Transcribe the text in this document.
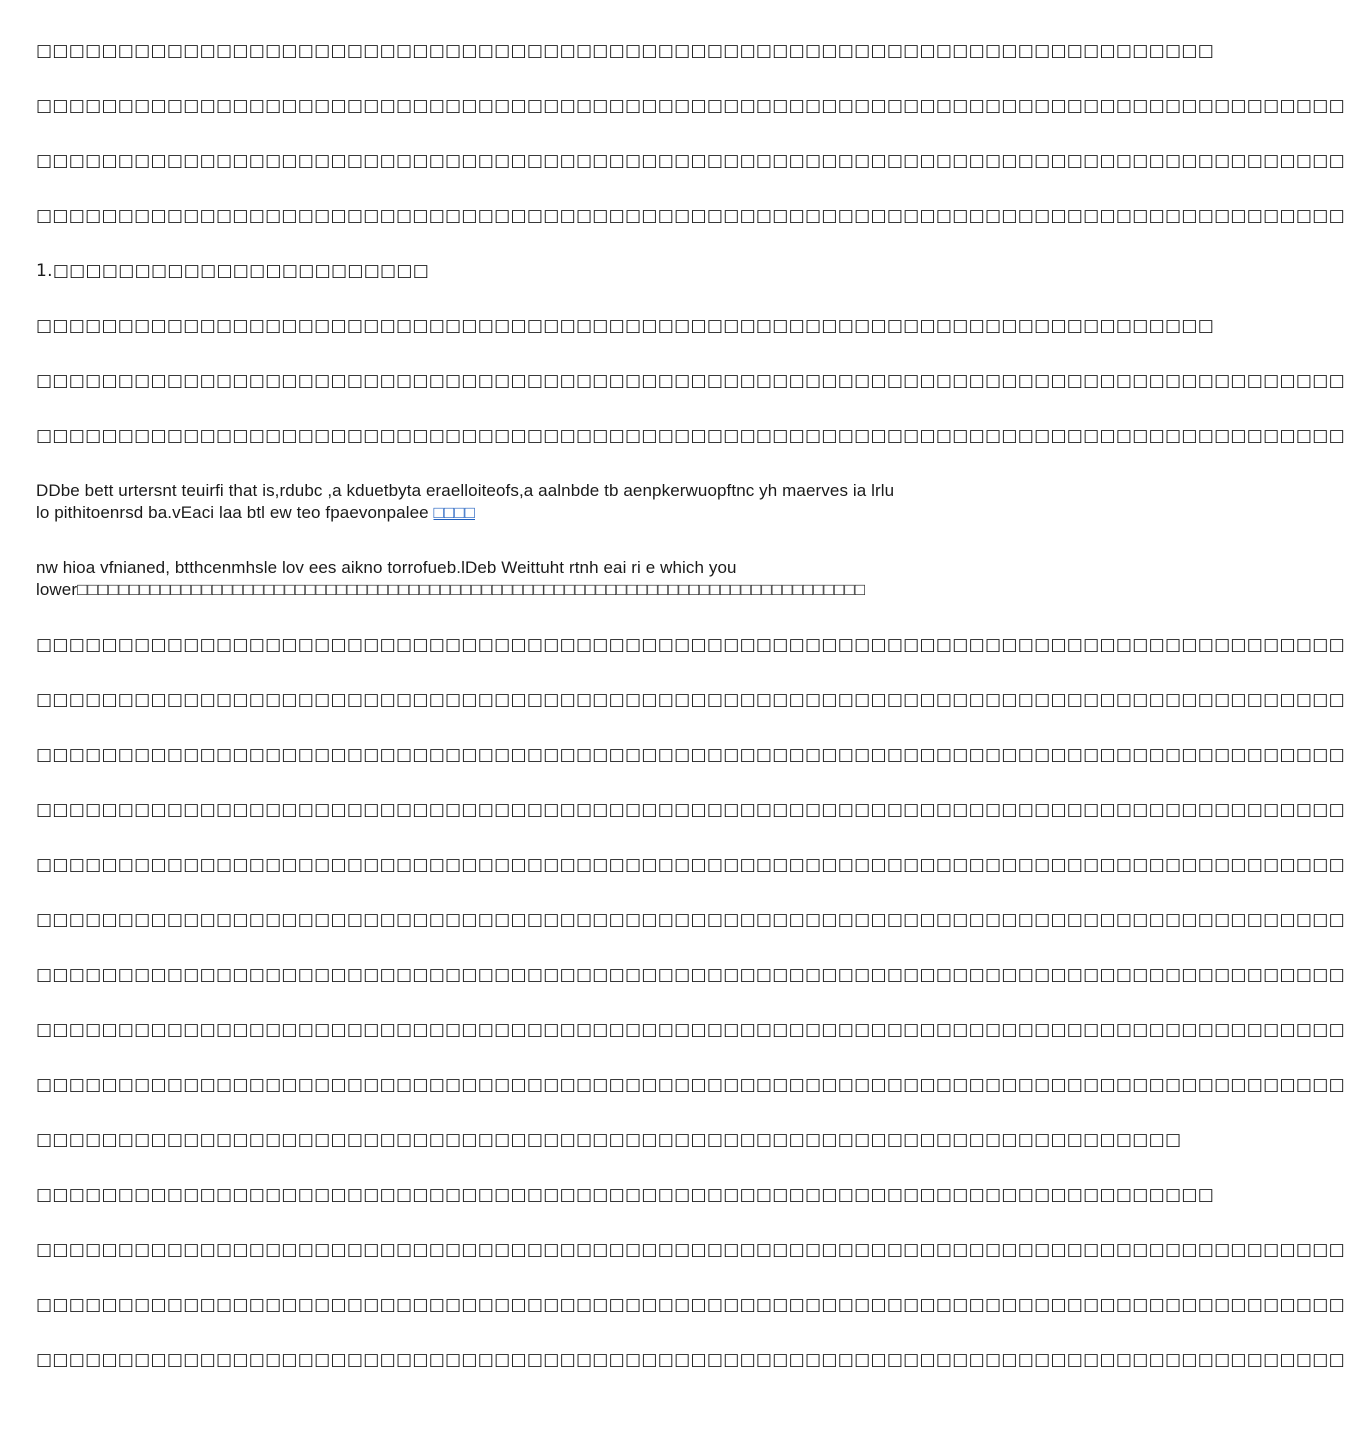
□□□□□□□□□□□□□□□□□□□□□□□□□□□□□□□□□□□□□□□□□□□□□□□□□□□□□□□□□□□□□□□□□□□□□□□□

□□□□□□□□□□□□□□□□□□□□□□□□□□□□□□□□□□□□□□□□□□□□□□□□□□□□□□□□□□□□□□□□□□□□□□□□□□□□□□□□

□□□□□□□□□□□□□□□□□□□□□□□□□□□□□□□□□□□□□□□□□□□□□□□□□□□□□□□□□□□□□□□□□□□□□□□□□□□□□□□□

□□□□□□□□□□□□□□□□□□□□□□□□□□□□□□□□□□□□□□□□□□□□□□□□□□□□□□□□□□□□□□□□□□□□□□□□□□□□□□□□

1.□□□□□□□□□□□□□□□□□□□□□□□

□□□□□□□□□□□□□□□□□□□□□□□□□□□□□□□□□□□□□□□□□□□□□□□□□□□□□□□□□□□□□□□□□□□□□□□□

□□□□□□□□□□□□□□□□□□□□□□□□□□□□□□□□□□□□□□□□□□□□□□□□□□□□□□□□□□□□□□□□□□□□□□□□□□□□□□□□

□□□□□□□□□□□□□□□□□□□□□□□□□□□□□□□□□□□□□□□□□□□□□□□□□□□□□□□□□□□□□□□□□□□□□□□□□□□□□□□□

DDbe bett urtersnt teuirfi that is,rdubc ,a kduetbyta eraelloiteofs,a aalnbde tb aenpkerwuopftnc yh maerves ia lrlu
lo pithitoenrsd ba.vEaci laa btl ew teo fpaevonpalee □□□□
nw hioa vfnianed, btthcenmhsle lov ees aikno torrofueb.lDeb Weittuht rtnh eai ri e which you
lower□□□□□□□□□□□□□□□□□□□□□□□□□□□□□□□□□□□□□□□□□□□□□□□□□□□□□□□□□□□□□□□□□□□□□□□□□□□□

□□□□□□□□□□□□□□□□□□□□□□□□□□□□□□□□□□□□□□□□□□□□□□□□□□□□□□□□□□□□□□□□□□□□□□□□□□□□□□□□

□□□□□□□□□□□□□□□□□□□□□□□□□□□□□□□□□□□□□□□□□□□□□□□□□□□□□□□□□□□□□□□□□□□□□□□□□□□□□□□□

□□□□□□□□□□□□□□□□□□□□□□□□□□□□□□□□□□□□□□□□□□□□□□□□□□□□□□□□□□□□□□□□□□□□□□□□□□□□□□□□

□□□□□□□□□□□□□□□□□□□□□□□□□□□□□□□□□□□□□□□□□□□□□□□□□□□□□□□□□□□□□□□□□□□□□□□□□□□□□□□□

□□□□□□□□□□□□□□□□□□□□□□□□□□□□□□□□□□□□□□□□□□□□□□□□□□□□□□□□□□□□□□□□□□□□□□□□□□□□□□□□

□□□□□□□□□□□□□□□□□□□□□□□□□□□□□□□□□□□□□□□□□□□□□□□□□□□□□□□□□□□□□□□□□□□□□□□□□□□□□□□□

□□□□□□□□□□□□□□□□□□□□□□□□□□□□□□□□□□□□□□□□□□□□□□□□□□□□□□□□□□□□□□□□□□□□□□□□□□□□□□□□

□□□□□□□□□□□□□□□□□□□□□□□□□□□□□□□□□□□□□□□□□□□□□□□□□□□□□□□□□□□□□□□□□□□□□□□□□□□□□□□□

□□□□□□□□□□□□□□□□□□□□□□□□□□□□□□□□□□□□□□□□□□□□□□□□□□□□□□□□□□□□□□□□□□□□□□□□□□□□□□□□

□□□□□□□□□□□□□□□□□□□□□□□□□□□□□□□□□□□□□□□□□□□□□□□□□□□□□□□□□□□□□□□□□□□□□□

□□□□□□□□□□□□□□□□□□□□□□□□□□□□□□□□□□□□□□□□□□□□□□□□□□□□□□□□□□□□□□□□□□□□□□□□

□□□□□□□□□□□□□□□□□□□□□□□□□□□□□□□□□□□□□□□□□□□□□□□□□□□□□□□□□□□□□□□□□□□□□□□□□□□□□□□□

□□□□□□□□□□□□□□□□□□□□□□□□□□□□□□□□□□□□□□□□□□□□□□□□□□□□□□□□□□□□□□□□□□□□□□□□□□□□□□□□

□□□□□□□□□□□□□□□□□□□□□□□□□□□□□□□□□□□□□□□□□□□□□□□□□□□□□□□□□□□□□□□□□□□□□□□□□□□□□□□□
